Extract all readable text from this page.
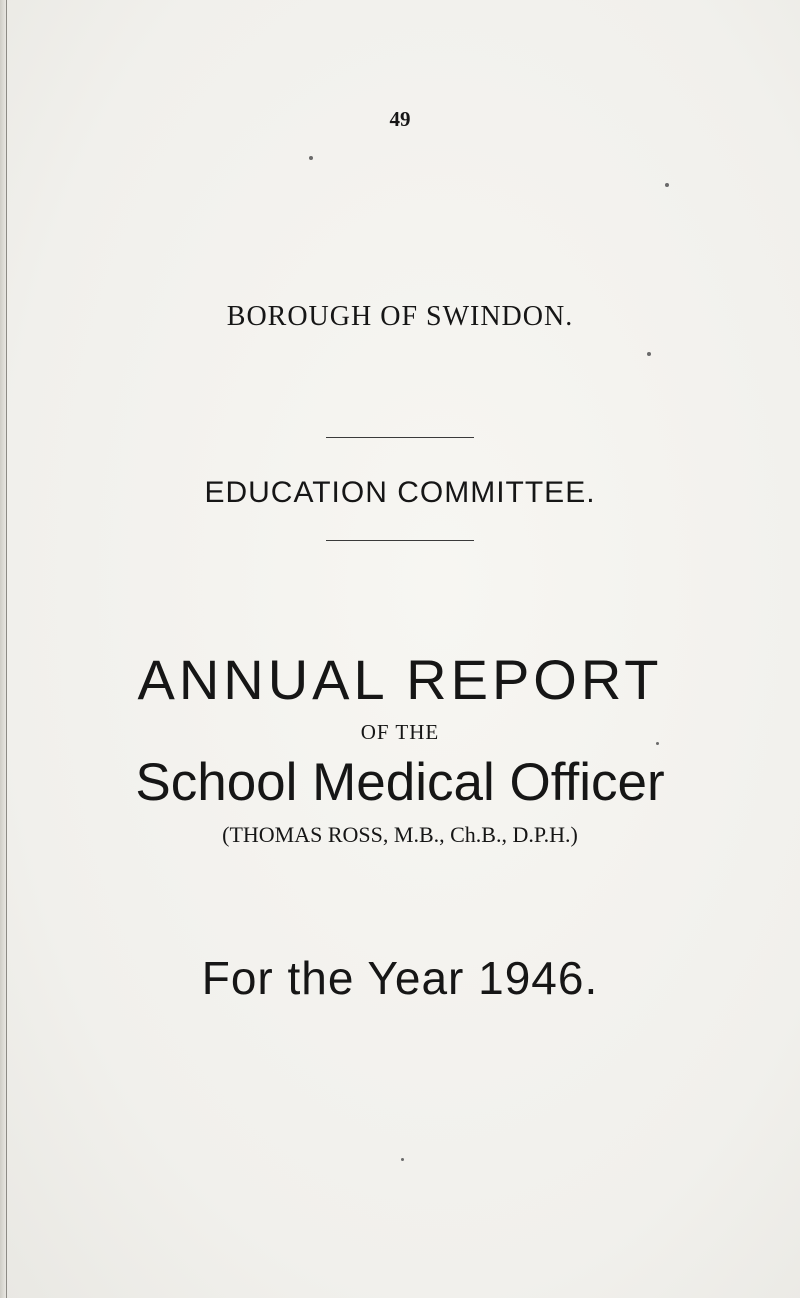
49
BOROUGH OF SWINDON.
EDUCATION COMMITTEE.
ANNUAL REPORT
OF THE
School Medical Officer
(THOMAS ROSS, M.B., Ch.B., D.P.H.)
For the Year 1946.
